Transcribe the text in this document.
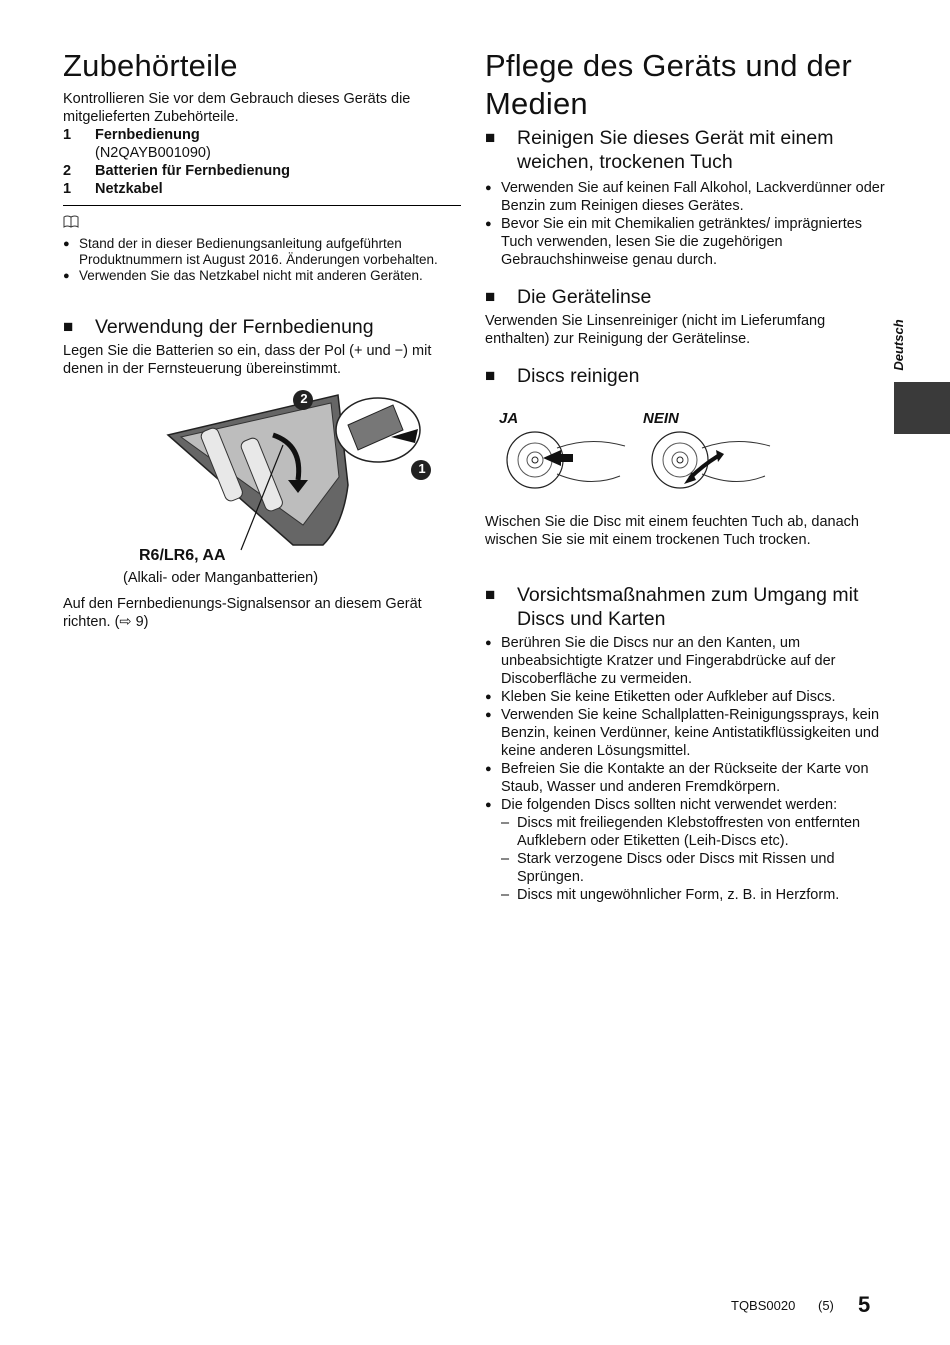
Zubehörteile

Kontrollieren Sie vor dem Gebrauch dieses Geräts die mitgelieferten Zubehörteile.

1	Fernbedienung
(N2QAYB001090)
2	Batterien für Fernbedienung
1	Netzkabel
● Stand der in dieser Bedienungsanleitung aufgeführten Produktnummern ist August 2016. Änderungen vorbehalten.
● Verwenden Sie das Netzkabel nicht mit anderen Geräten.
■	Verwendung der Fernbedienung

Legen Sie die Batterien so ein, dass der Pol (+ und −) mit denen in der Fernsteuerung übereinstimmt.

2
1
R6/LR6, AA
(Alkali- oder Manganbatterien)

Auf den Fernbedienungs-Signalsensor an diesem Gerät richten. (⇨ 9)

Pflege des Geräts und der Medien
■	Reinigen Sie dieses Gerät mit einem weichen, trockenen Tuch
● Verwenden Sie auf keinen Fall Alkohol, Lackverdünner oder Benzin zum Reinigen dieses Gerätes.
● Bevor Sie ein mit Chemikalien getränktes/ imprägniertes Tuch verwenden, lesen Sie die zugehörigen Gebrauchshinweise genau durch.
■	Die Gerätelinse

Verwenden Sie Linsenreiniger (nicht im Lieferumfang enthalten) zur Reinigung der Gerätelinse.

■	Discs reinigen
JA	NEIN

Wischen Sie die Disc mit einem feuchten Tuch ab, danach wischen Sie sie mit einem trockenen Tuch trocken.

■	Vorsichtsmaßnahmen zum Umgang mit Discs und Karten
● Berühren Sie die Discs nur an den Kanten, um unbeabsichtigte Kratzer und Fingerabdrücke auf der Discoberfläche zu vermeiden.
● Kleben Sie keine Etiketten oder Aufkleber auf Discs.
● Verwenden Sie keine Schallplatten-Reinigungssprays, kein Benzin, keinen Verdünner, keine Antistatikflüssigkeiten und keine anderen Lösungsmittel.
● Befreien Sie die Kontakte an der Rückseite der Karte von Staub, Wasser und anderen Fremdkörpern.
● Die folgenden Discs sollten nicht verwendet werden:
– Discs mit freiliegenden Klebstoffresten von entfernten Aufklebern oder Etiketten (Leih-Discs etc).
– Stark verzogene Discs oder Discs mit Rissen und Sprüngen.
– Discs mit ungewöhnlicher Form, z. B. in Herzform.
Deutsch
TQBS0020 (5) 5
